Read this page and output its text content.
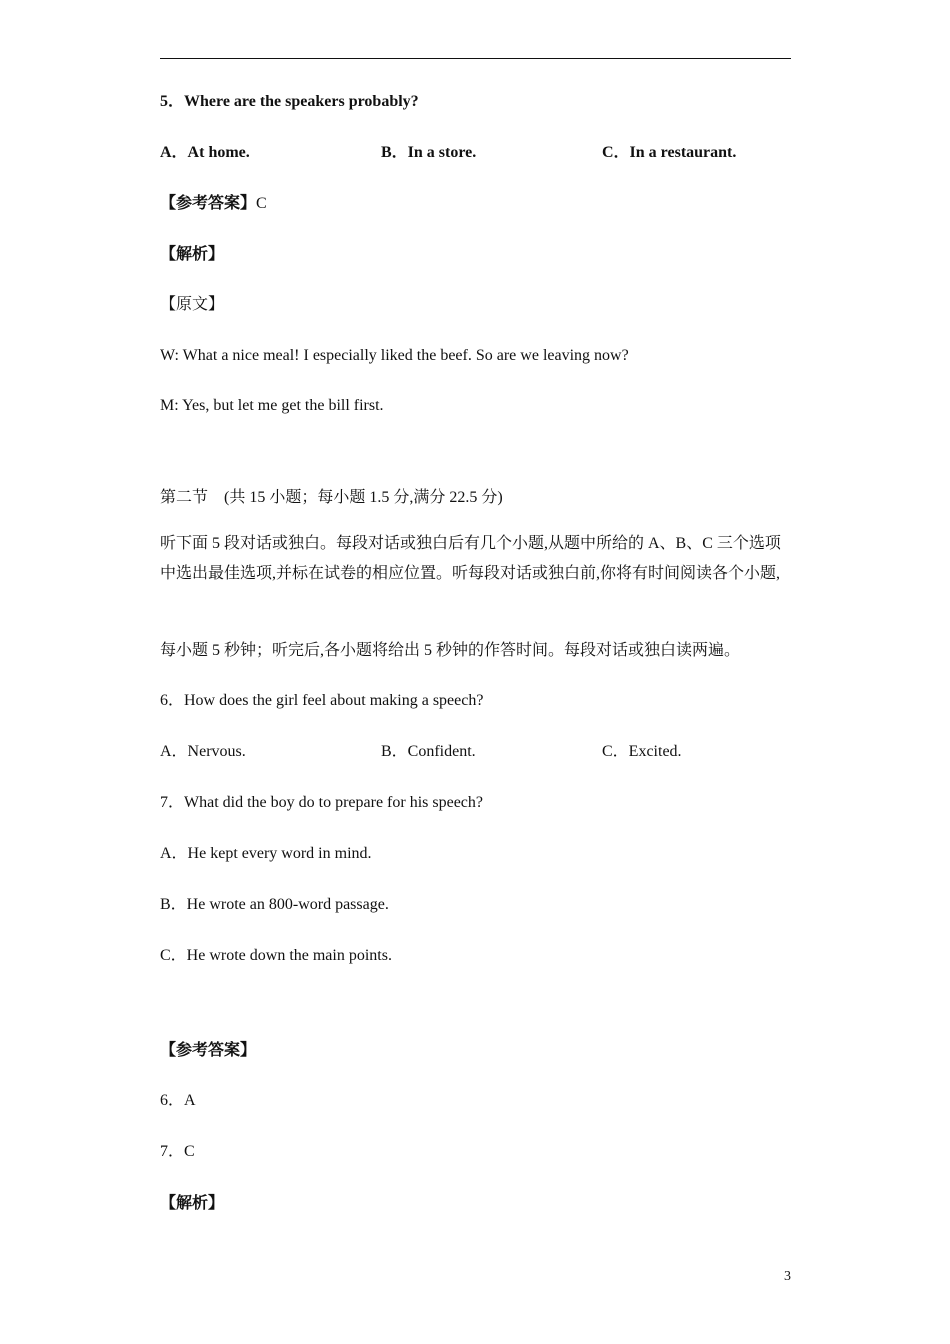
5．Where are the speakers probably?
A．At home.	B．In a store.	C．In a restaurant.
【参考答案】C
【解析】
【原文】
W: What a nice meal! I especially liked the beef. So are we leaving now?
M: Yes, but let me get the bill first.
第二节　(共 15 小题；每小题 1.5 分,满分 22.5 分)
听下面 5 段对话或独白。每段对话或独白后有几个小题,从题中所给的 A、B、C 三个选项中选出最佳选项,并标在试卷的相应位置。听每段对话或独白前,你将有时间阅读各个小题,
每小题 5 秒钟；听完后,各小题将给出 5 秒钟的作答时间。每段对话或独白读两遍。
6．How does the girl feel about making a speech?
A．Nervous.	B．Confident.	C．Excited.
7．What did the boy do to prepare for his speech?
A．He kept every word in mind.
B．He wrote an 800-word passage.
C．He wrote down the main points.
【参考答案】
6．A
7．C
【解析】
3
